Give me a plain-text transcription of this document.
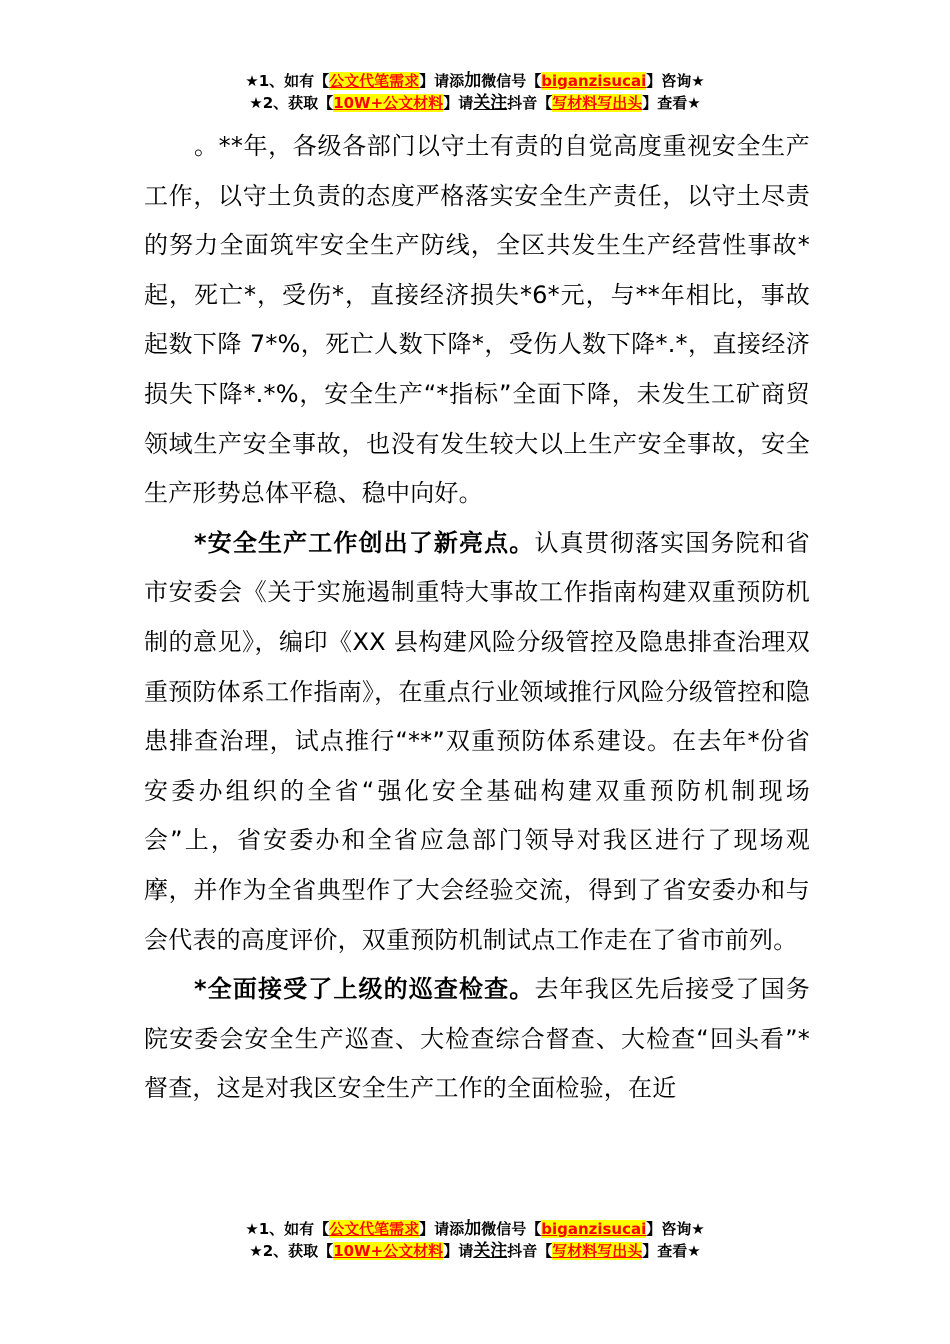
★1、如有【公文代笔需求】请添加微信号【biganzisucai】咨询★
★2、获取【10W+公文材料】请关注抖音【写材料写出头】查看★

。**年，各级各部门以守土有责的自觉高度重视安全生产工作，以守土负责的态度严格落实安全生产责任，以守土尽责的努力全面筑牢安全生产防线，全区共发生生产经营性事故*起，死亡*，受伤*，直接经济损失*6*元，与**年相比，事故起数下降 7*%，死亡人数下降*，受伤人数下降*.*，直接经济损失下降*.*%，安全生产“*指标”全面下降，未发生工矿商贸领域生产安全事故，也没有发生较大以上生产安全事故，安全生产形势总体平稳、稳中向好。

*安全生产工作创出了新亮点。认真贯彻落实国务院和省市安委会《关于实施遏制重特大事故工作指南构建双重预防机制的意见》，编印《XX 县构建风险分级管控及隐患排查治理双重预防体系工作指南》，在重点行业领域推行风险分级管控和隐患排查治理，试点推行“**”双重预防体系建设。在去年*份省安委办组织的全省“强化安全基础构建双重预防机制现场会”上，省安委办和全省应急部门领导对我区进行了现场观摩，并作为全省典型作了大会经验交流，得到了省安委办和与会代表的高度评价，双重预防机制试点工作走在了省市前列。

*全面接受了上级的巡查检查。去年我区先后接受了国务院安委会安全生产巡查、大检查综合督查、大检查“回头看”*督查，这是对我区安全生产工作的全面检验，在近

★1、如有【公文代笔需求】请添加微信号【biganzisucai】咨询★
★2、获取【10W+公文材料】请关注抖音【写材料写出头】查看★
